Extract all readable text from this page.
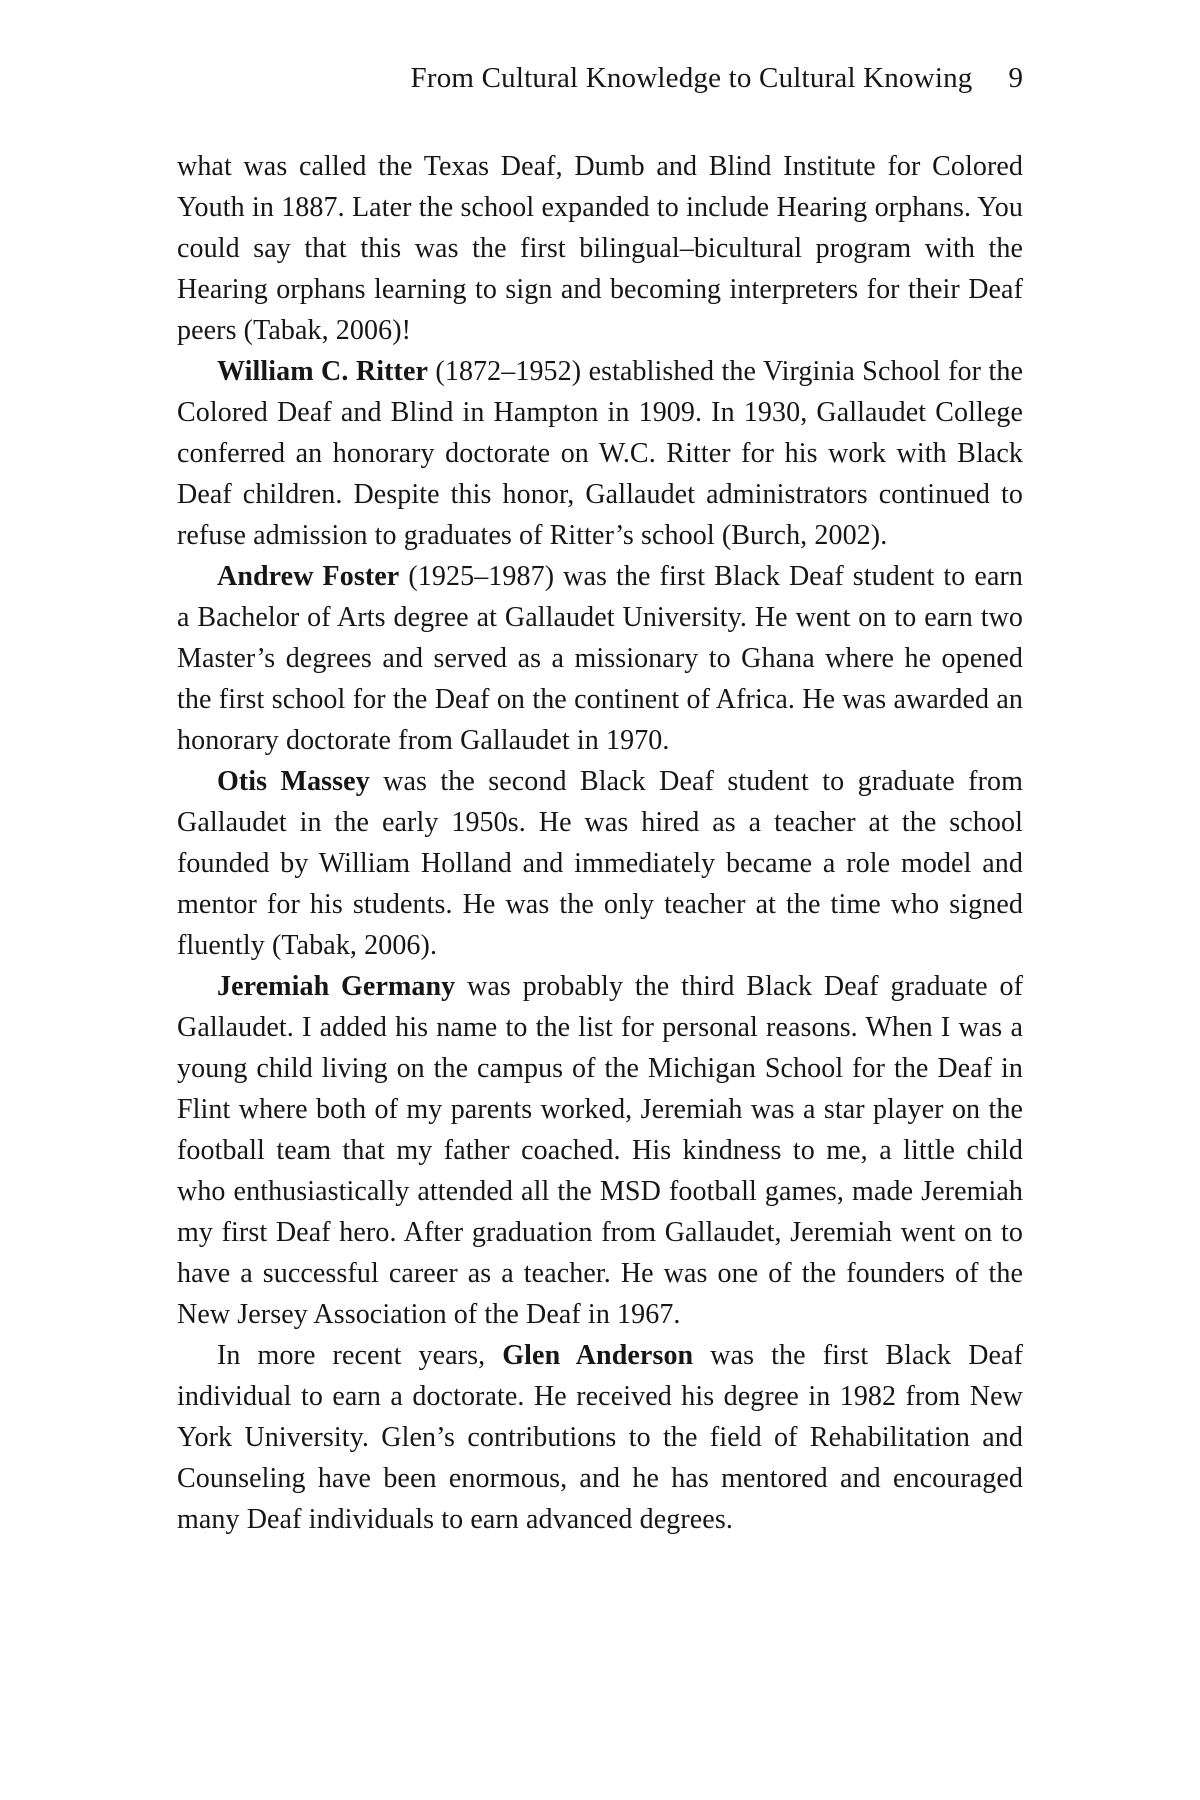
From Cultural Knowledge to Cultural Knowing 9

what was called the Texas Deaf, Dumb and Blind Institute for Colored Youth in 1887. Later the school expanded to include Hearing orphans. You could say that this was the first bilingual–bicultural program with the Hearing orphans learning to sign and becoming interpreters for their Deaf peers (Tabak, 2006)!

William C. Ritter (1872–1952) established the Virginia School for the Colored Deaf and Blind in Hampton in 1909. In 1930, Gallaudet College conferred an honorary doctorate on W.C. Ritter for his work with Black Deaf children. Despite this honor, Gallaudet administrators continued to refuse admission to graduates of Ritter’s school (Burch, 2002).

Andrew Foster (1925–1987) was the first Black Deaf student to earn a Bachelor of Arts degree at Gallaudet University. He went on to earn two Master’s degrees and served as a missionary to Ghana where he opened the first school for the Deaf on the continent of Africa. He was awarded an honorary doctorate from Gallaudet in 1970.

Otis Massey was the second Black Deaf student to graduate from Gallaudet in the early 1950s. He was hired as a teacher at the school founded by William Holland and immediately became a role model and mentor for his students. He was the only teacher at the time who signed fluently (Tabak, 2006).

Jeremiah Germany was probably the third Black Deaf graduate of Gallaudet. I added his name to the list for personal reasons. When I was a young child living on the campus of the Michigan School for the Deaf in Flint where both of my parents worked, Jeremiah was a star player on the football team that my father coached. His kindness to me, a little child who enthusiastically attended all the MSD football games, made Jeremiah my first Deaf hero. After graduation from Gallaudet, Jeremiah went on to have a successful career as a teacher. He was one of the founders of the New Jersey Association of the Deaf in 1967.

In more recent years, Glen Anderson was the first Black Deaf individual to earn a doctorate. He received his degree in 1982 from New York University. Glen’s contributions to the field of Rehabilitation and Counseling have been enormous, and he has mentored and encouraged many Deaf individuals to earn advanced degrees.
